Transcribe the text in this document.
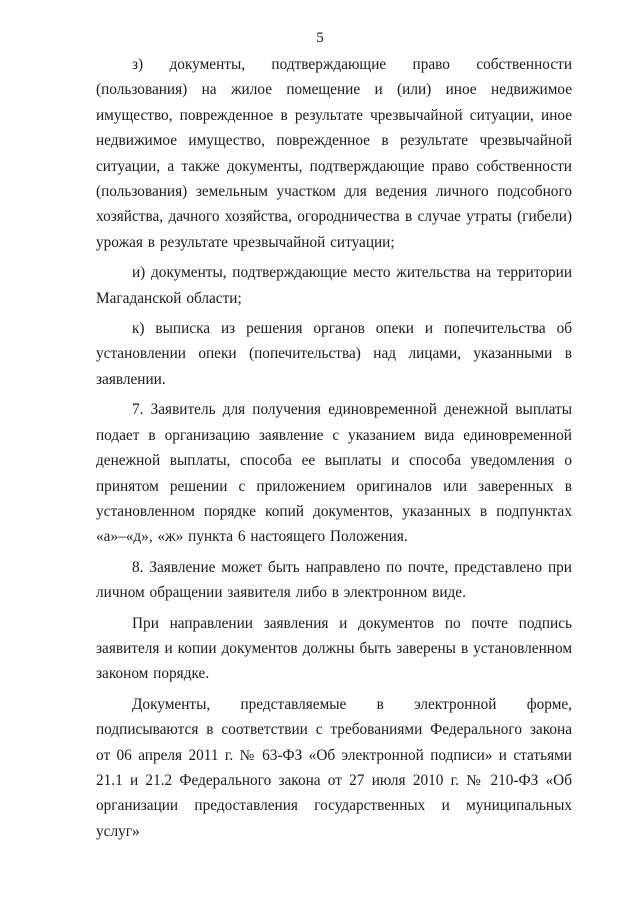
5

з) документы, подтверждающие право собственности (пользования) на жилое помещение и (или) иное недвижимое имущество, поврежденное в результате чрезвычайной ситуации, иное недвижимое имущество, поврежденное в результате чрезвычайной ситуации, а также документы, подтверждающие право собственности (пользования) земельным участком для ведения личного подсобного хозяйства, дачного хозяйства, огородничества в случае утраты (гибели) урожая в результате чрезвычайной ситуации;

и) документы, подтверждающие место жительства на территории Магаданской области;

к) выписка из решения органов опеки и попечительства об установлении опеки (попечительства) над лицами, указанными в заявлении.

7. Заявитель для получения единовременной денежной выплаты подает в организацию заявление с указанием вида единовременной денежной выплаты, способа ее выплаты и способа уведомления о принятом решении с приложением оригиналов или заверенных в установленном порядке копий документов, указанных в подпунктах «а»–«д», «ж» пункта 6 настоящего Положения.

8. Заявление может быть направлено по почте, представлено при личном обращении заявителя либо в электронном виде.

При направлении заявления и документов по почте подпись заявителя и копии документов должны быть заверены в установленном законом порядке.

Документы, представляемые в электронной форме, подписываются в соответствии с требованиями Федерального закона от 06 апреля 2011 г. № 63-ФЗ «Об электронной подписи» и статьями 21.1 и 21.2 Федерального закона от 27 июля 2010 г. № 210-ФЗ «Об организации предоставления государственных и муниципальных услуг»
